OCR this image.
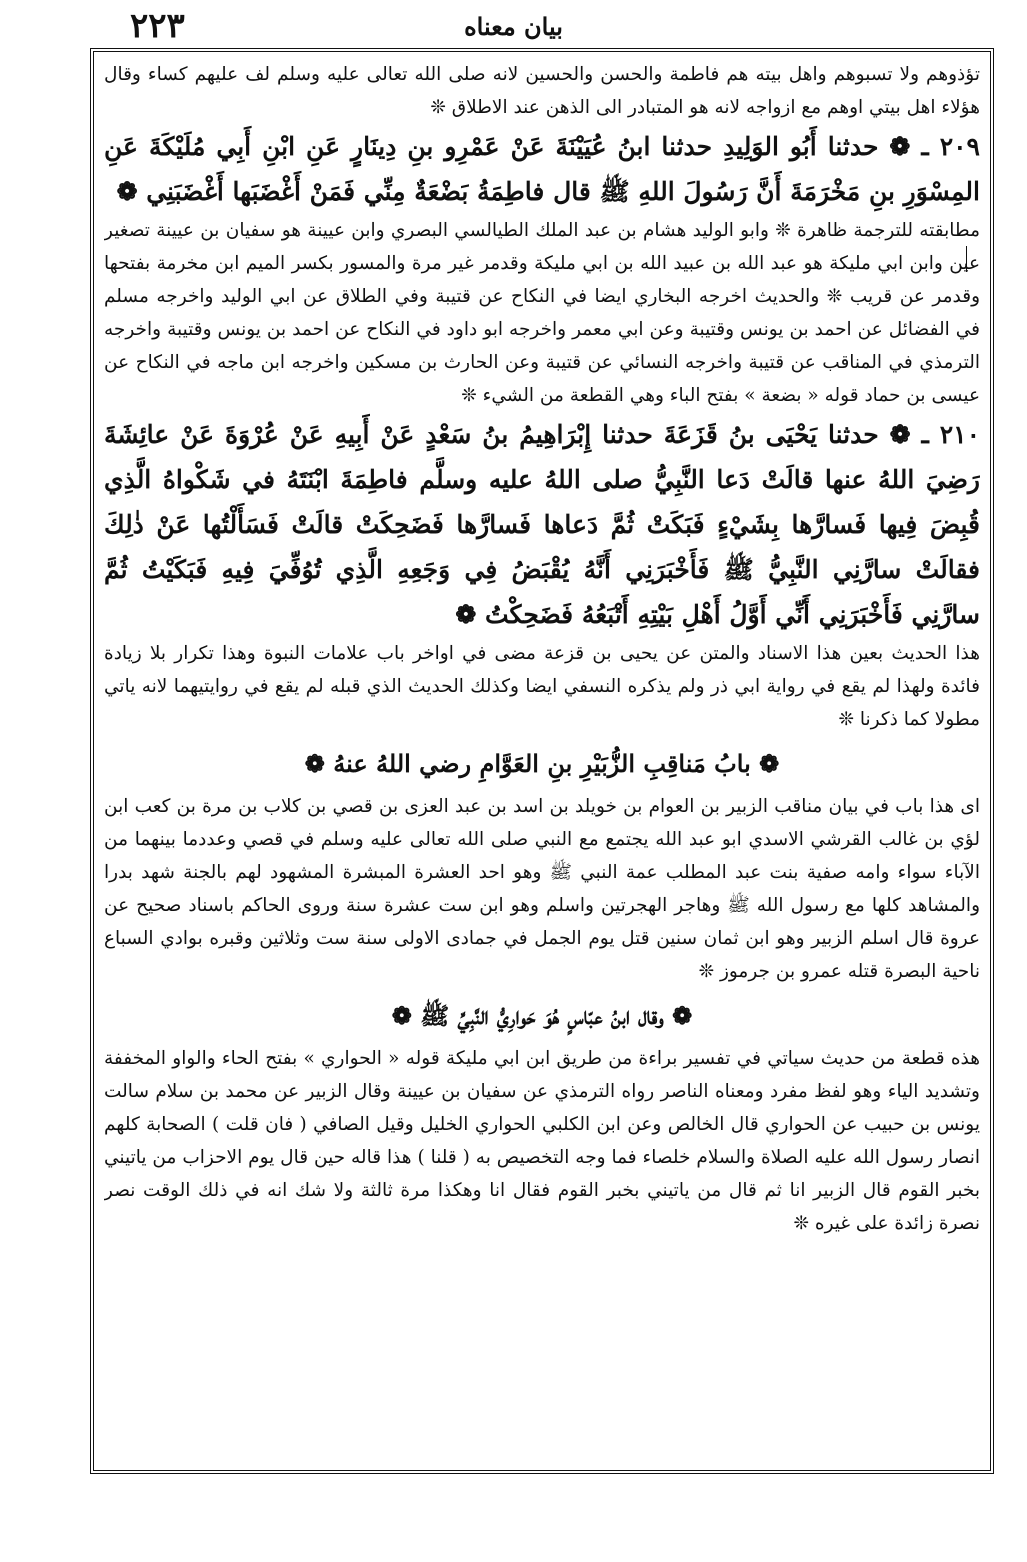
٢٢٣	بيان معناه

تؤذوهم ولا تسبوهم واهل بيته هم فاطمة والحسن والحسين لانه صلى الله تعالى عليه وسلم لف عليهم كساء وقال هؤلاء اهل بيتي اوهم مع ازواجه لانه هو المتبادر الى الذهن عند الاطلاق ❊

٢٠٩ ـ ❁ حدثنا أَبُو الوَلِيدِ حدثنا ابنُ عُيَيْنَةَ عَنْ عَمْرِو بنِ دِينَارٍ عَنِ ابْنِ أَبِي مُلَيْكَةَ عَنِ المِسْوَرِ بنِ مَخْرَمَةَ أَنَّ رَسُولَ اللهِ ﷺ قال فاطِمَةُ بَضْعَةٌ مِنِّي فَمَنْ أَغْضَبَها أَغْضَبَنِي ❁

مطابقته للترجمة ظاهرة ❊ وابو الوليد هشام بن عبد الملك الطيالسي البصري وابن عيينة هو سفيان بن عيينة تصغير عين وابن ابي مليكة هو عبد الله بن عبيد الله بن ابي مليكة وقدمر غير مرة والمسور بكسر الميم ابن مخرمة بفتحها وقدمر عن قريب ❊ والحديث اخرجه البخاري ايضا في النكاح عن قتيبة وفي الطلاق عن ابي الوليد واخرجه مسلم في الفضائل عن احمد بن يونس وقتيبة وعن ابي معمر واخرجه ابو داود في النكاح عن احمد بن يونس وقتيبة واخرجه الترمذي في المناقب عن قتيبة واخرجه النسائي عن قتيبة وعن الحارث بن مسكين واخرجه ابن ماجه في النكاح عن عيسى بن حماد قوله « بضعة » بفتح الباء وهي القطعة من الشيء ❊

٢١٠ ـ ❁ حدثنا يَحْيَى بنُ قَزَعَةَ حدثنا إِبْرَاهِيمُ بنُ سَعْدٍ عَنْ أَبِيهِ عَنْ عُرْوَةَ عَنْ عائِشَةَ رَضِيَ اللهُ عنها قالَتْ دَعا النَّبِيُّ صلى اللهُ عليه وسلَّم فاطِمَةَ ابْنَتَهُ في شَكْواهُ الَّذِي قُبِضَ فِيها فَسارَّها بِشَيْءٍ فَبَكَتْ ثُمَّ دَعاها فَسارَّها فَضَحِكَتْ قالَتْ فَسَأَلْتُها عَنْ ذٰلِكَ فقالَتْ سارَّنِي النَّبِيُّ ﷺ فَأَخْبَرَنِي أَنَّهُ يُقْبَضُ فِي وَجَعِهِ الَّذِي تُوُفِّيَ فِيهِ فَبَكَيْتُ ثُمَّ سارَّنِي فَأَخْبَرَنِي أَنِّي أَوَّلُ أَهْلِ بَيْتِهِ أَتْبَعُهُ فَضَحِكْتُ ❁

هذا الحديث بعين هذا الاسناد والمتن عن يحيى بن قزعة مضى في اواخر باب علامات النبوة وهذا تكرار بلا زيادة فائدة ولهذا لم يقع في رواية ابي ذر ولم يذكره النسفي ايضا وكذلك الحديث الذي قبله لم يقع في روايتيهما لانه ياتي مطولا كما ذكرنا ❊

❁ بابُ مَناقِبِ الزُّبَيْرِ بنِ العَوَّامِ رضي اللهُ عنهُ ❁

اى هذا باب في بيان مناقب الزبير بن العوام بن خويلد بن اسد بن عبد العزى بن قصي بن كلاب بن مرة بن كعب ابن لؤي بن غالب القرشي الاسدي ابو عبد الله يجتمع مع النبي صلى الله تعالى عليه وسلم في قصي وعددما بينهما من الآباء سواء وامه صفية بنت عبد المطلب عمة النبي ﷺ وهو احد العشرة المبشرة المشهود لهم بالجنة شهد بدرا والمشاهد كلها مع رسول الله ﷺ وهاجر الهجرتين واسلم وهو ابن ست عشرة سنة وروى الحاكم باسناد صحيح عن عروة قال اسلم الزبير وهو ابن ثمان سنين قتل يوم الجمل في جمادى الاولى سنة ست وثلاثين وقبره بوادي السباع ناحية البصرة قتله عمرو بن جرموز ❊

❁ وقال ابنُ عبّاسٍ هُوَ حَوارِيُّ النَّبِيِّ ﷺ ❁

هذه قطعة من حديث سياتي في تفسير براءة من طريق ابن ابي مليكة قوله « الحواري » بفتح الحاء والواو المخففة وتشديد الياء وهو لفظ مفرد ومعناه الناصر رواه الترمذي عن سفيان بن عيينة وقال الزبير عن محمد بن سلام سالت يونس بن حبيب عن الحواري قال الخالص وعن ابن الكلبي الحواري الخليل وقيل الصافي ( فان قلت ) الصحابة كلهم انصار رسول الله عليه الصلاة والسلام خلصاء فما وجه التخصيص به ( قلنا ) هذا قاله حين قال يوم الاحزاب من ياتيني بخبر القوم قال الزبير انا ثم قال من ياتيني بخبر القوم فقال انا وهكذا مرة ثالثة ولا شك انه في ذلك الوقت نصر نصرة زائدة على غيره ❊
